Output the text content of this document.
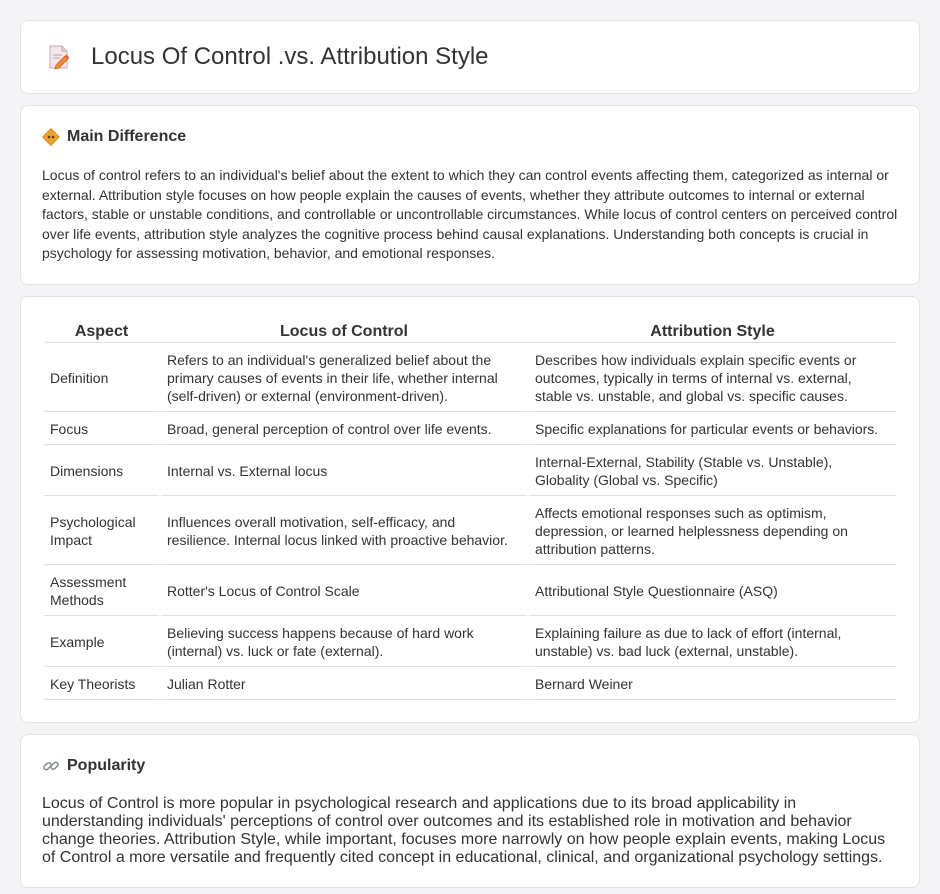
Locus Of Control .vs. Attribution Style
Main Difference

Locus of control refers to an individual's belief about the extent to which they can control events affecting them, categorized as internal or external. Attribution style focuses on how people explain the causes of events, whether they attribute outcomes to internal or external factors, stable or unstable conditions, and controllable or uncontrollable circumstances. While locus of control centers on perceived control over life events, attribution style analyzes the cognitive process behind causal explanations. Understanding both concepts is crucial in psychology for assessing motivation, behavior, and emotional responses.

Aspect	Locus of Control	Attribution Style
Definition	Refers to an individual's generalized belief about the primary causes of events in their life, whether internal (self-driven) or external (environment-driven).	Describes how individuals explain specific events or outcomes, typically in terms of internal vs. external, stable vs. unstable, and global vs. specific causes.
Focus	Broad, general perception of control over life events.	Specific explanations for particular events or behaviors.
Dimensions	Internal vs. External locus	Internal-External, Stability (Stable vs. Unstable), Globality (Global vs. Specific)
Psychological Impact	Influences overall motivation, self-efficacy, and resilience. Internal locus linked with proactive behavior.	Affects emotional responses such as optimism, depression, or learned helplessness depending on attribution patterns.
Assessment Methods	Rotter's Locus of Control Scale	Attributional Style Questionnaire (ASQ)
Example	Believing success happens because of hard work (internal) vs. luck or fate (external).	Explaining failure as due to lack of effort (internal, unstable) vs. bad luck (external, unstable).
Key Theorists	Julian Rotter	Bernard Weiner
Popularity

Locus of Control is more popular in psychological research and applications due to its broad applicability in understanding individuals' perceptions of control over outcomes and its established role in motivation and behavior change theories. Attribution Style, while important, focuses more narrowly on how people explain events, making Locus of Control a more versatile and frequently cited concept in educational, clinical, and organizational psychology settings.
